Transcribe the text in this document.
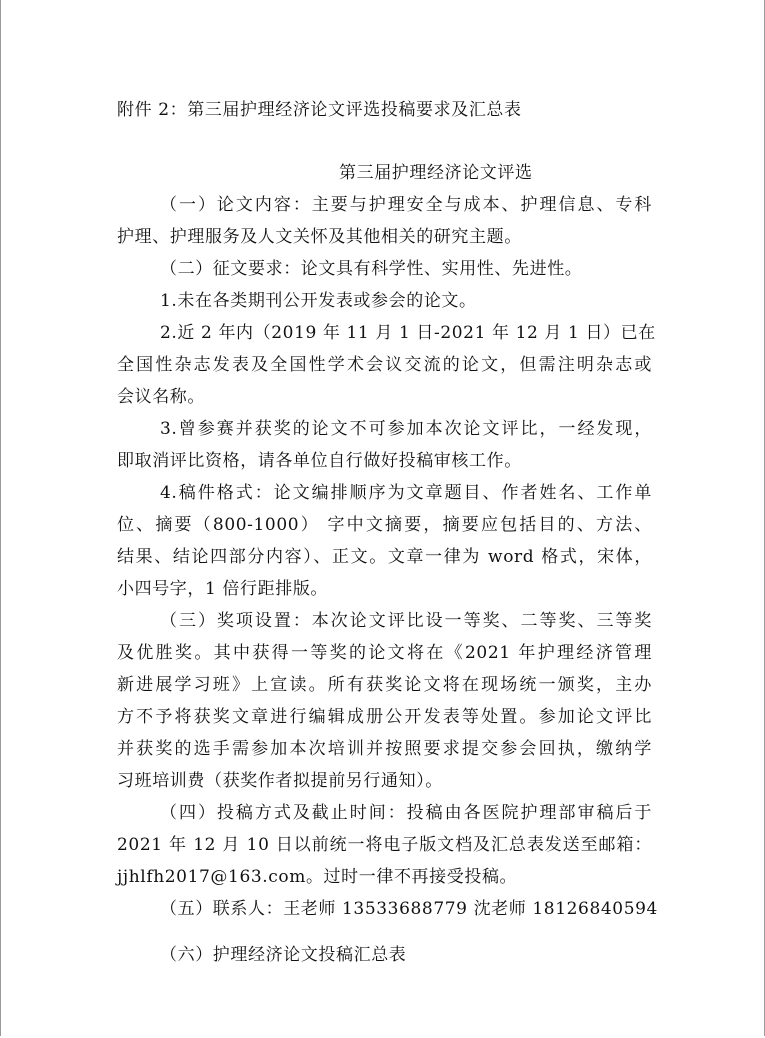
附件 2：第三届护理经济论文评选投稿要求及汇总表

第三届护理经济论文评选

（一）论文内容：主要与护理安全与成本、护理信息、专科

护理、护理服务及人文关怀及其他相关的研究主题。

（二）征文要求：论文具有科学性、实用性、先进性。

1.未在各类期刊公开发表或参会的论文。

2.近 2 年内（2019 年 11 月 1 日-2021 年 12 月 1 日）已在

全国性杂志发表及全国性学术会议交流的论文，但需注明杂志或

会议名称。

3.曾参赛并获奖的论文不可参加本次论文评比，一经发现，

即取消评比资格，请各单位自行做好投稿审核工作。

4.稿件格式：论文编排顺序为文章题目、作者姓名、工作单

位、摘要（800-1000） 字中文摘要，摘要应包括目的、方法、

结果、结论四部分内容）、正文。文章一律为 word 格式，宋体，

小四号字，1 倍行距排版。

（三）奖项设置：本次论文评比设一等奖、二等奖、三等奖

及优胜奖。其中获得一等奖的论文将在《2021 年护理经济管理

新进展学习班》上宣读。所有获奖论文将在现场统一颁奖，主办

方不予将获奖文章进行编辑成册公开发表等处置。参加论文评比

并获奖的选手需参加本次培训并按照要求提交参会回执，缴纳学

习班培训费（获奖作者拟提前另行通知）。

（四）投稿方式及截止时间：投稿由各医院护理部审稿后于

2021 年 12 月 10 日以前统一将电子版文档及汇总表发送至邮箱：

jjhlfh2017@163.com。过时一律不再接受投稿。

（五）联系人：王老师 13533688779 沈老师 18126840594

（六）护理经济论文投稿汇总表
